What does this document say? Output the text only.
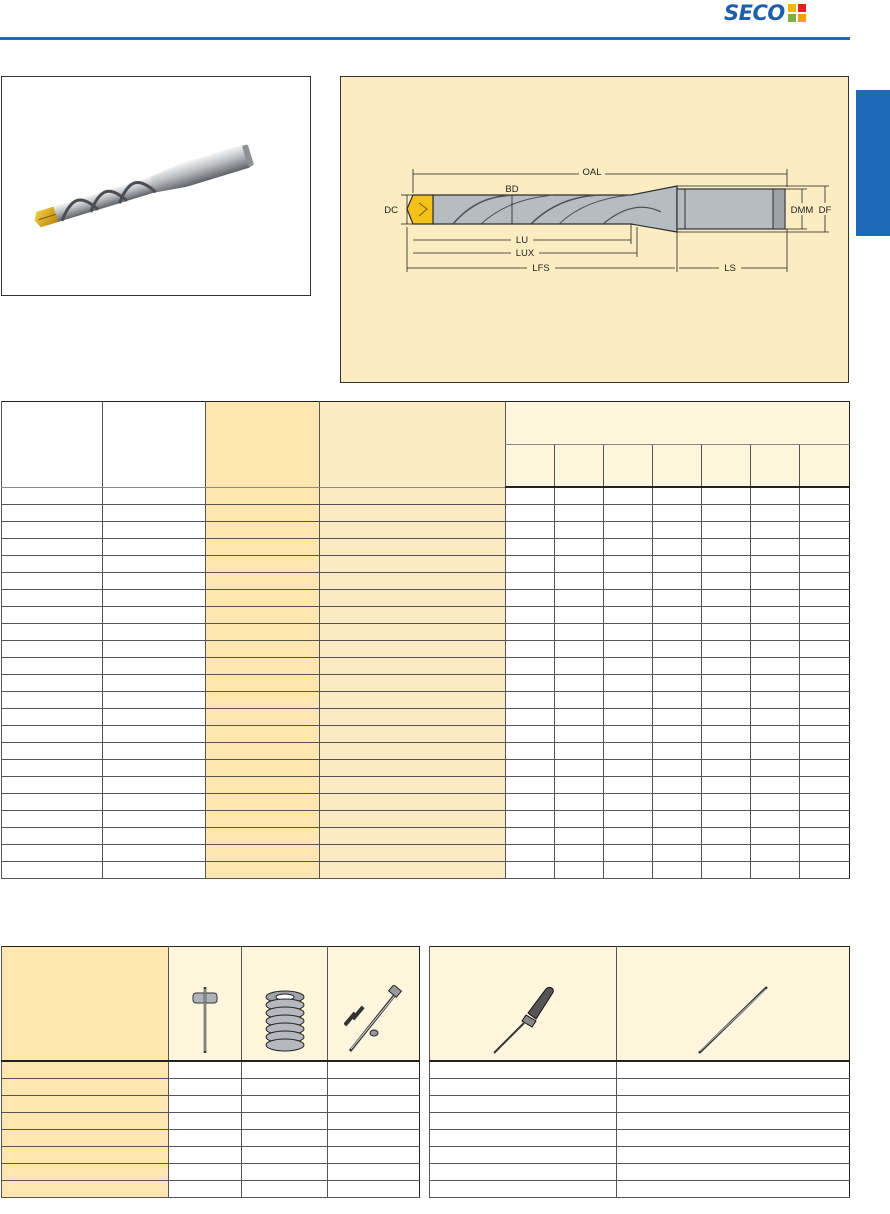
SECO
OAL
BD
DC	DMM DF
LU
LUX
LFS	LS
